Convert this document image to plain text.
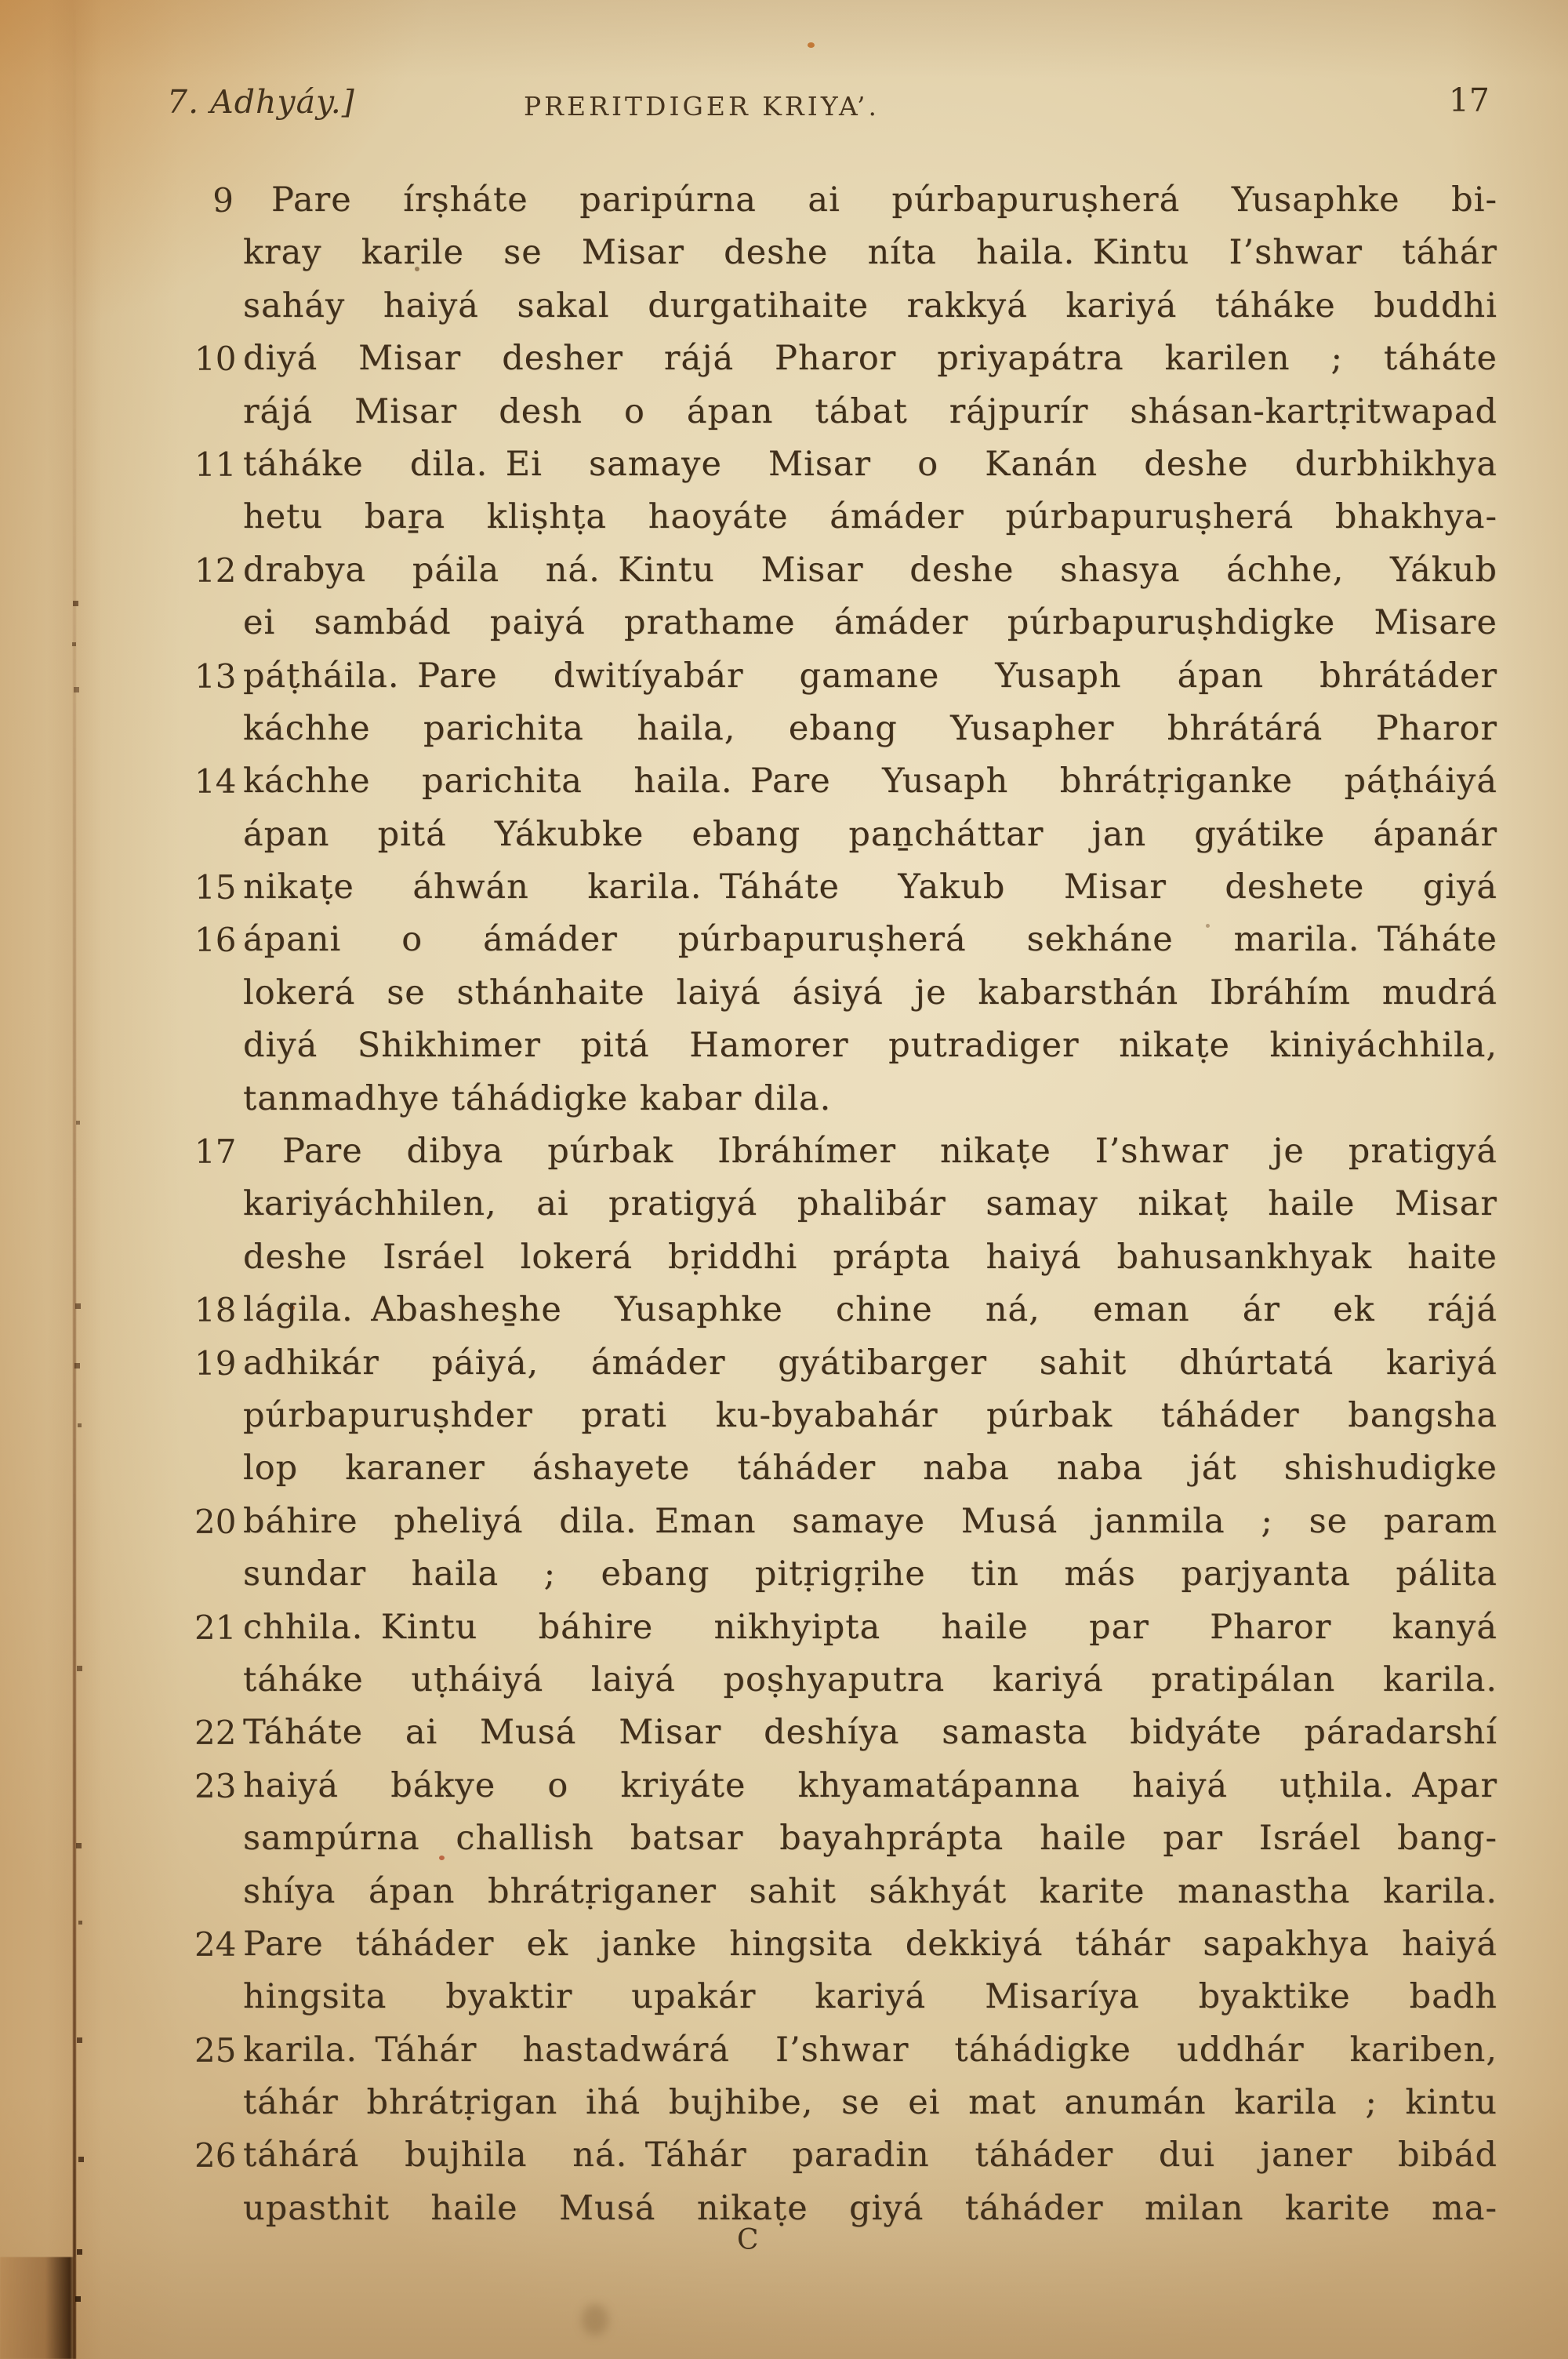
7. Adhyáy.]	PRERITDIGER KRIYA’.	17
9	Pare írṣháte paripúrna ai púrbapuruṣherá Yusaphke bi-
kray karile se Misar deshe níta haila. Kintu I’shwar táhár
saháy haiyá sakal durgatihaite rakkyá kariyá táháke buddhi
10 diyá Misar desher rájá Pharor priyapátra karilen ; táháte
rájá Misar desh o ápan tábat rájpurír shásan-kartṛitwapad
11 táháke dila. Ei samaye Misar o Kanán deshe durbhikhya
hetu baṟa kliṣhṭa haoyáte ámáder púrbapuruṣherá bhakhya-
12 drabya páila ná. Kintu Misar deshe shasya áchhe, Yákub
ei sambád paiyá prathame ámáder púrbapuruṣhdigke Misare
13 páṭháila. Pare dwitíyabár gamane Yusaph ápan bhrátáder
káchhe parichita haila, ebang Yusapher bhrátárá Pharor
14 káchhe parichita haila. Pare Yusaph bhrátṛiganke páṭháiyá
ápan pitá Yákubke ebang paṉcháttar jan gyátike ápanár
15 nikaṭe áhwán karila. Táháte Yakub Misar deshete giyá
16 ápani o ámáder púrbapuruṣherá sekháne marila. Táháte
lokerá se sthánhaite laiyá ásiyá je kabarsthán Ibráhím mudrá
diyá Shikhimer pitá Hamorer putradiger nikaṭe kiniyáchhila,
tanmadhye táhádigke kabar dila.
17	Pare dibya púrbak Ibráhímer nikaṭe I’shwar je pratigyá
kariyáchhilen, ai pratigyá phalibár samay nikaṭ haile Misar
deshe Isráel lokerá bṛiddhi prápta haiyá bahusankhyak haite
18 lágila. Abashes̱he Yusaphke chine ná, eman ár ek rájá
19 adhikár páiyá, ámáder gyátibarger sahit dhúrtatá kariyá
púrbapuruṣhder prati ku-byabahár púrbak táháder bangsha
lop karaner áshayete táháder naba naba ját shishudigke
20 báhire pheliyá dila. Eman samaye Musá janmila ; se param
sundar haila ; ebang pitṛigṛihe tin más parjyanta pálita
21 chhila. Kintu báhire nikhyipta haile par Pharor kanyá
táháke uṭháiyá laiyá poṣhyaputra kariyá pratipálan karila.
22 Táháte ai Musá Misar deshíya samasta bidyáte páradarshí
23 haiyá bákye o kriyáte khyamatápanna haiyá uṭhila. Apar
sampúrna challish batsar bayahprápta haile par Isráel bang-
shíya ápan bhrátṛiganer sahit sákhyát karite manastha karila.
24 Pare táháder ek janke hingsita dekkiyá táhár sapakhya haiyá
hingsita byaktir upakár kariyá Misaríya byaktike badh
25 karila. Táhár hastadwárá I’shwar táhádigke uddhár kariben,
táhár bhrátṛigan ihá bujhibe, se ei mat anumán karila ; kintu
26 táhárá bujhila ná. Táhár paradin táháder dui janer bibád
upasthit haile Musá nikaṭe giyá táháder milan karite ma-
C
